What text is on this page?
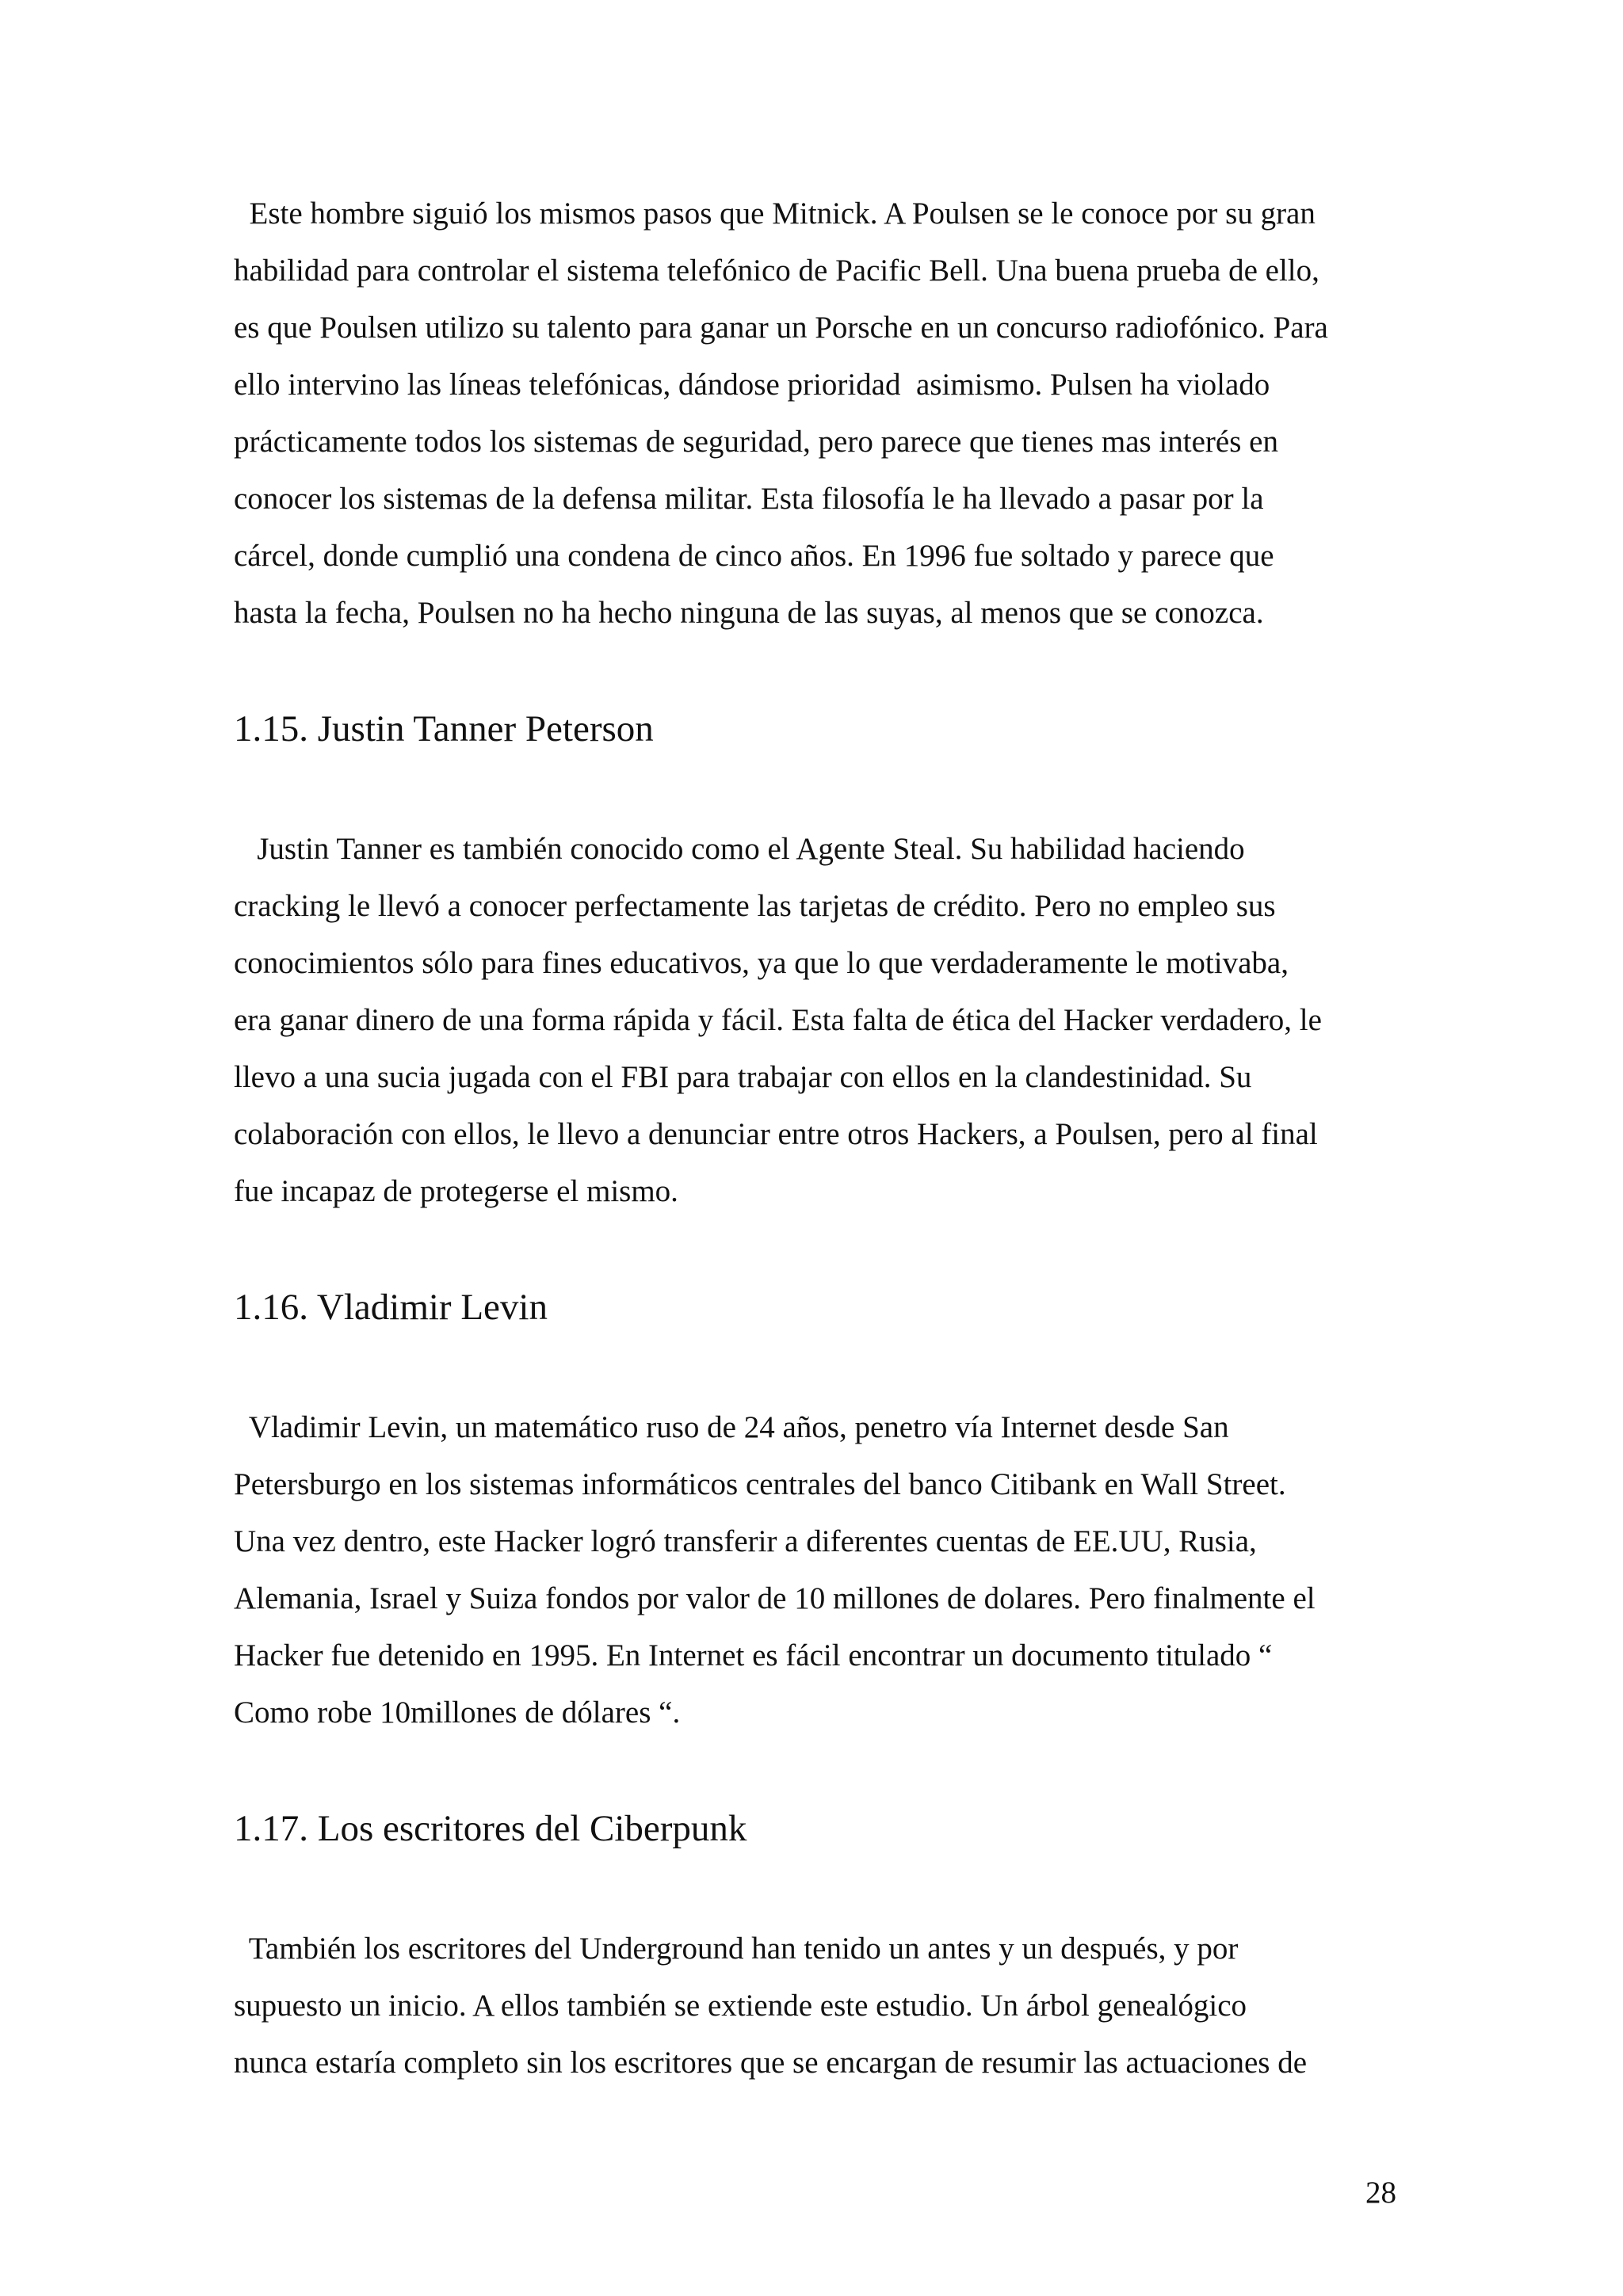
Este hombre siguió los mismos pasos que Mitnick. A Poulsen se le conoce por su gran
habilidad para controlar el sistema telefónico de Pacific Bell. Una buena prueba de ello,
es que Poulsen utilizo su talento para ganar un Porsche en un concurso radiofónico. Para
ello intervino las líneas telefónicas, dándose prioridad  asimismo. Pulsen ha violado
prácticamente todos los sistemas de seguridad, pero parece que tienes mas interés en
conocer los sistemas de la defensa militar. Esta filosofía le ha llevado a pasar por la
cárcel, donde cumplió una condena de cinco años. En 1996 fue soltado y parece que
hasta la fecha, Poulsen no ha hecho ninguna de las suyas, al menos que se conozca.

1.15. Justin Tanner Peterson

Justin Tanner es también conocido como el Agente Steal. Su habilidad haciendo
cracking le llevó a conocer perfectamente las tarjetas de crédito. Pero no empleo sus
conocimientos sólo para fines educativos, ya que lo que verdaderamente le motivaba,
era ganar dinero de una forma rápida y fácil. Esta falta de ética del Hacker verdadero, le
llevo a una sucia jugada con el FBI para trabajar con ellos en la clandestinidad. Su
colaboración con ellos, le llevo a denunciar entre otros Hackers, a Poulsen, pero al final
fue incapaz de protegerse el mismo.

1.16. Vladimir Levin

Vladimir Levin, un matemático ruso de 24 años, penetro vía Internet desde San
Petersburgo en los sistemas informáticos centrales del banco Citibank en Wall Street.
Una vez dentro, este Hacker logró transferir a diferentes cuentas de EE.UU, Rusia,
Alemania, Israel y Suiza fondos por valor de 10 millones de dolares. Pero finalmente el
Hacker fue detenido en 1995. En Internet es fácil encontrar un documento titulado “
Como robe 10millones de dólares “.

1.17. Los escritores del Ciberpunk

También los escritores del Underground han tenido un antes y un después, y por
supuesto un inicio. A ellos también se extiende este estudio. Un árbol genealógico
nunca estaría completo sin los escritores que se encargan de resumir las actuaciones de

28
